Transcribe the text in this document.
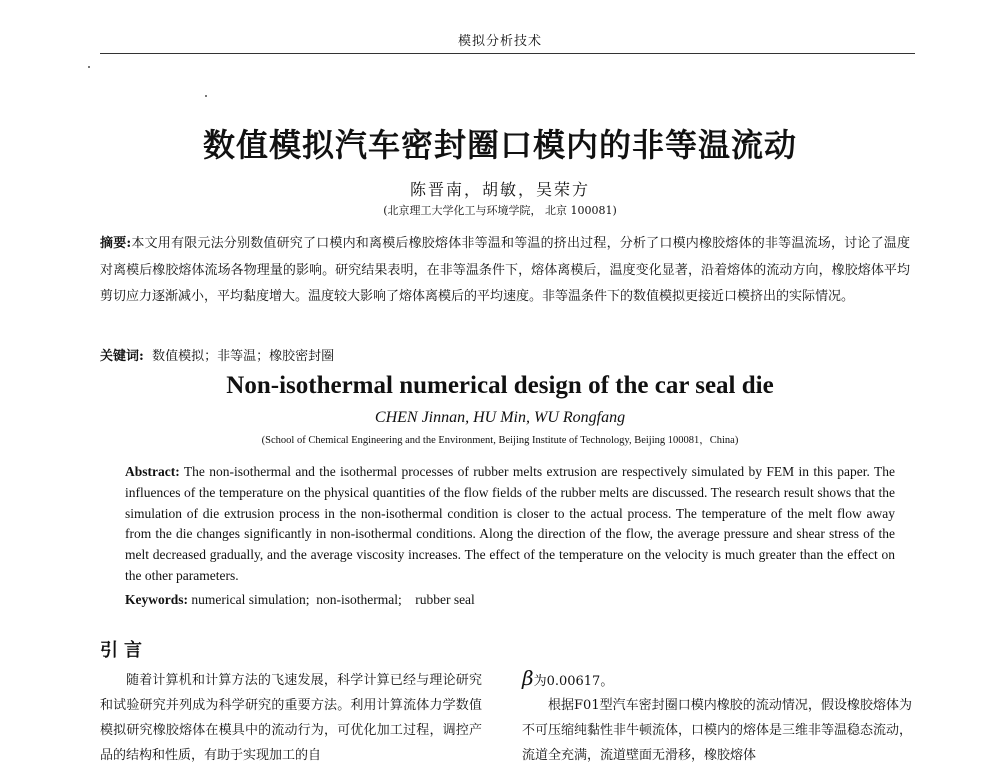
模拟分析技术
数值模拟汽车密封圈口模内的非等温流动
陈晋南，胡敏，吴荣方
(北京理工大学化工与环境学院， 北京 100081)
摘要:本文用有限元法分别数值研究了口模内和离模后橡胶熔体非等温和等温的挤出过程，分析了口模内橡胶熔体的非等温流场，讨论了温度对离模后橡胶熔体流场各物理量的影响。研究结果表明，在非等温条件下，熔体离模后，温度变化显著，沿着熔体的流动方向，橡胶熔体平均剪切应力逐渐减小，平均黏度增大。温度较大影响了熔体离模后的平均速度。非等温条件下的数值模拟更接近口模挤出的实际情况。
关键词: 数值模拟；非等温；橡胶密封圈
Non-isothermal numerical design of the car seal die
CHEN Jinnan, HU Min, WU Rongfang
(School of Chemical Engineering and the Environment, Beijing Institute of Technology, Beijing 100081，China)
Abstract: The non-isothermal and the isothermal processes of rubber melts extrusion are respectively simulated by FEM in this paper. The influences of the temperature on the physical quantities of the flow fields of the rubber melts are discussed. The research result shows that the simulation of die extrusion process in the non-isothermal condition is closer to the actual process. The temperature of the melt flow away from the die changes significantly in non-isothermal conditions. Along the direction of the flow, the average pressure and shear stress of the melt decreased gradually, and the average viscosity increases. The effect of the temperature on the velocity is much greater than the effect on the other parameters.
Keywords: numerical simulation;  non-isothermal;    rubber seal
引言

随着计算机和计算方法的飞速发展，科学计算已经与理论研究和试验研究并列成为科学研究的重要方法。利用计算流体力学数值模拟研究橡胶熔体在模具中的流动行为，可优化加工过程，调控产品的结构和性质，有助于实现加工的自

β为0.00617。

根据F01型汽车密封圈口模内橡胶的流动情况，假设橡胶熔体为不可压缩纯黏性非牛顿流体，口模内的熔体是三维非等温稳态流动，流道全充满，流道壁面无滑移，橡胶熔体
